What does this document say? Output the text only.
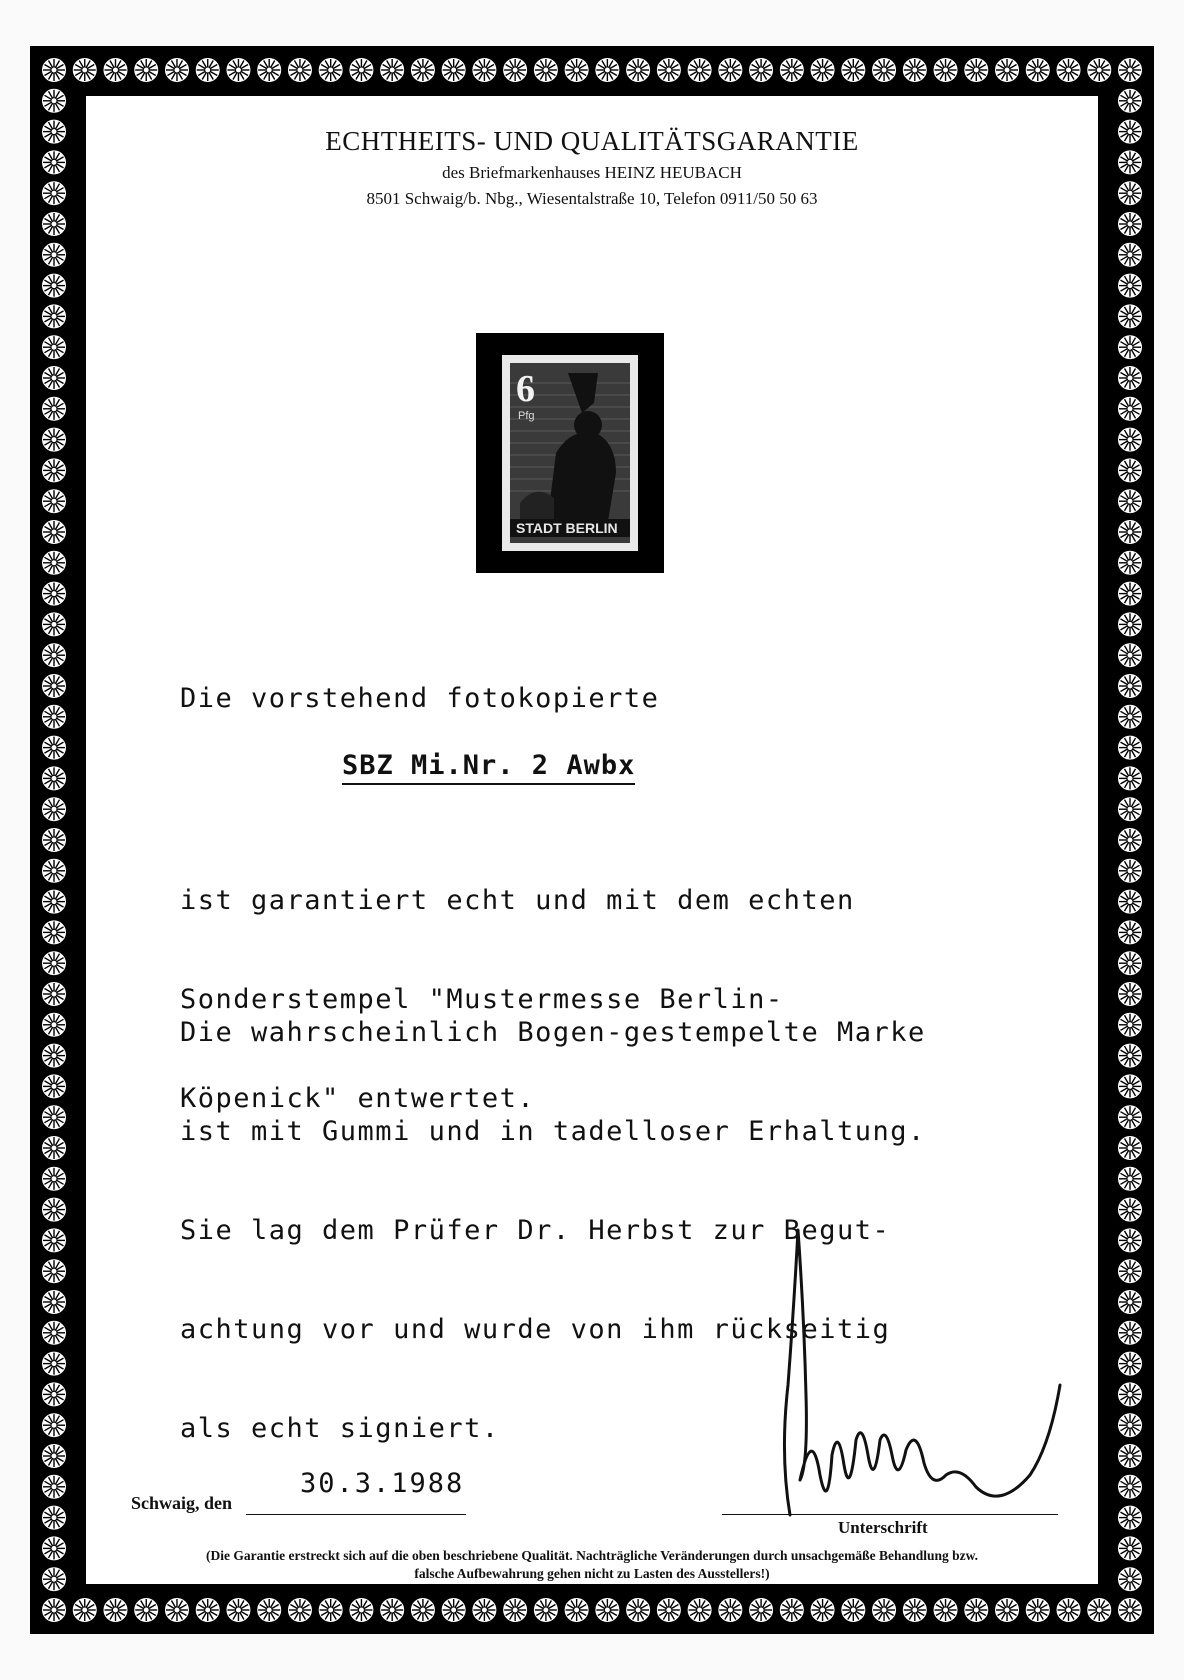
ECHTHEITS- UND QUALITÄTSGARANTIE
des Briefmarkenhauses HEINZ HEUBACH
8501 Schwaig/b. Nbg., Wiesentalstraße 10, Telefon 0911/50 50 63
6
Pfg
STADT BERLIN
Die vorstehend fotokopierte
SBZ Mi.Nr. 2 Awbx

ist garantiert echt und mit dem echten

Sonderstempel "Mustermesse Berlin-

Köpenick" entwertet.

Die wahrscheinlich Bogen-gestempelte Marke

ist mit Gummi und in tadelloser Erhaltung.

Sie lag dem Prüfer Dr. Herbst zur Begut-

achtung vor und wurde von ihm rückseitig

als echt signiert.

Schwaig, den
30.3.1988
Unterschrift
(Die Garantie erstreckt sich auf die oben beschriebene Qualität. Nachträgliche Veränderungen durch unsachgemäße Behandlung bzw.
falsche Aufbewahrung gehen nicht zu Lasten des Ausstellers!)
